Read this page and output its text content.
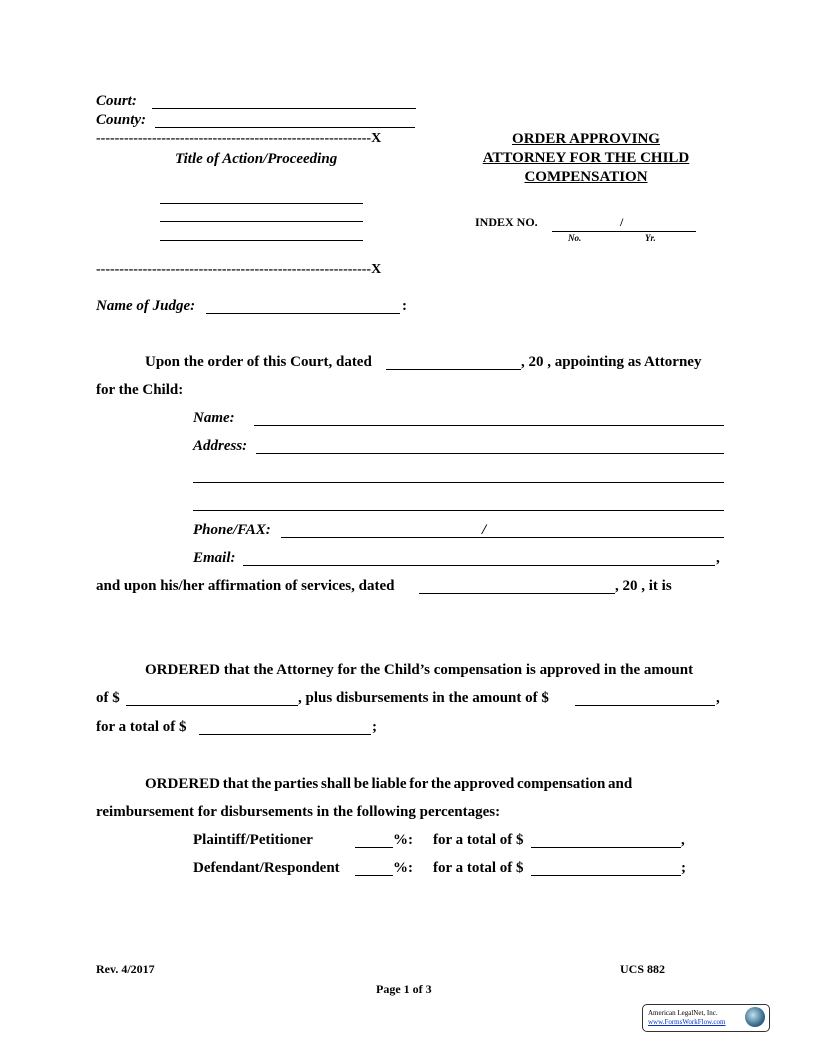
Court:
County:
-----------------------------------------------------------X	ORDER APPROVING
ATTORNEY FOR THE CHILD
COMPENSATION
Title of Action/Proceeding
INDEX NO.	/
No.	Yr.
-----------------------------------------------------------X
Name of Judge:	:
Upon the order of this Court, dated	, 20 , appointing as Attorney
for the Child:
Name:
Address:
Phone/FAX:	/
Email:	,
and upon his/her affirmation of services, dated	, 20 , it is
ORDERED that the Attorney for the Child’s compensation is approved in the amount
of $	, plus disbursements in the amount of $	,
for a total of $	;
ORDERED that the parties shall be liable for the approved compensation and
reimbursement for disbursements in the following percentages:
Plaintiff/Petitioner	%: for a total of $	,
Defendant/Respondent	%: for a total of $	;
Rev. 4/2017	UCS 882
Page 1 of 3
American LegalNet, Inc.
www.FormsWorkFlow.com
